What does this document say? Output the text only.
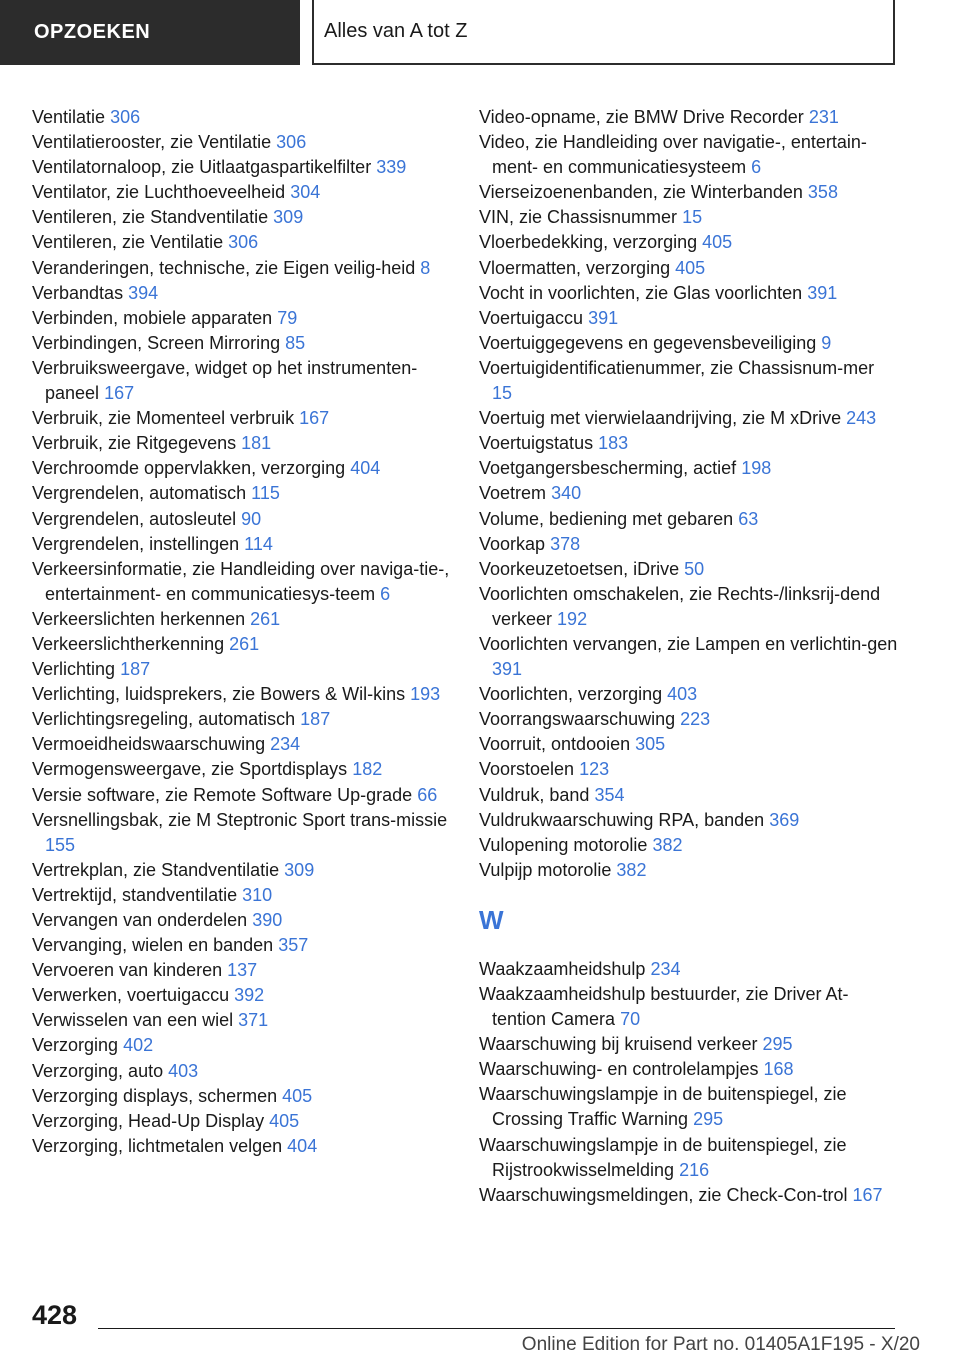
OPZOEKEN	Alles van A tot Z

Ventilatie 306

Ventilatierooster, zie Ventilatie 306

Ventilatornaloop, zie Uitlaatgaspartikelfilter 339

Ventilator, zie Luchthoeveelheid 304

Ventileren, zie Standventilatie 309

Ventileren, zie Ventilatie 306

Veranderingen, technische, zie Eigen veilig-heid 8

Verbandtas 394

Verbinden, mobiele apparaten 79

Verbindingen, Screen Mirroring 85

Verbruiksweergave, widget op het instrumenten-paneel 167

Verbruik, zie Momenteel verbruik 167

Verbruik, zie Ritgegevens 181

Verchroomde oppervlakken, verzorging 404

Vergrendelen, automatisch 115

Vergrendelen, autosleutel 90

Vergrendelen, instellingen 114

Verkeersinformatie, zie Handleiding over naviga-tie-, entertainment- en communicatiesys-teem 6

Verkeerslichten herkennen 261

Verkeerslichtherkenning 261

Verlichting 187

Verlichting, luidsprekers, zie Bowers & Wil-kins 193

Verlichtingsregeling, automatisch 187

Vermoeidheidswaarschuwing 234

Vermogensweergave, zie Sportdisplays 182

Versie software, zie Remote Software Up-grade 66

Versnellingsbak, zie M Steptronic Sport trans-missie 155

Vertrekplan, zie Standventilatie 309

Vertrektijd, standventilatie 310

Vervangen van onderdelen 390

Vervanging, wielen en banden 357

Vervoeren van kinderen 137

Verwerken, voertuigaccu 392

Verwisselen van een wiel 371

Verzorging 402

Verzorging, auto 403

Verzorging displays, schermen 405

Verzorging, Head-Up Display 405

Verzorging, lichtmetalen velgen 404

Video-opname, zie BMW Drive Recorder 231

Video, zie Handleiding over navigatie-, entertain-ment- en communicatiesysteem 6

Vierseizoenenbanden, zie Winterbanden 358

VIN, zie Chassisnummer 15

Vloerbedekking, verzorging 405

Vloermatten, verzorging 405

Vocht in voorlichten, zie Glas voorlichten 391

Voertuigaccu 391

Voertuiggegevens en gegevensbeveiliging 9

Voertuigidentificatienummer, zie Chassisnum-mer 15

Voertuig met vierwielaandrijving, zie M xDrive 243

Voertuigstatus 183

Voetgangersbescherming, actief 198

Voetrem 340

Volume, bediening met gebaren 63

Voorkap 378

Voorkeuzetoetsen, iDrive 50

Voorlichten omschakelen, zie Rechts-/linksrij-dend verkeer 192

Voorlichten vervangen, zie Lampen en verlichtin-gen 391

Voorlichten, verzorging 403

Voorrangswaarschuwing 223

Voorruit, ontdooien 305

Voorstoelen 123

Vuldruk, band 354

Vuldrukwaarschuwing RPA, banden 369

Vulopening motorolie 382

Vulpijp motorolie 382

W

Waakzaamheidshulp 234

Waakzaamheidshulp bestuurder, zie Driver At-tention Camera 70

Waarschuwing bij kruisend verkeer 295

Waarschuwing- en controlelampjes 168

Waarschuwingslampje in de buitenspiegel, zie Crossing Traffic Warning 295

Waarschuwingslampje in de buitenspiegel, zie Rijstrookwisselmelding 216

Waarschuwingsmeldingen, zie Check-Con-trol 167

428
Online Edition for Part no. 01405A1F195 - X/20
